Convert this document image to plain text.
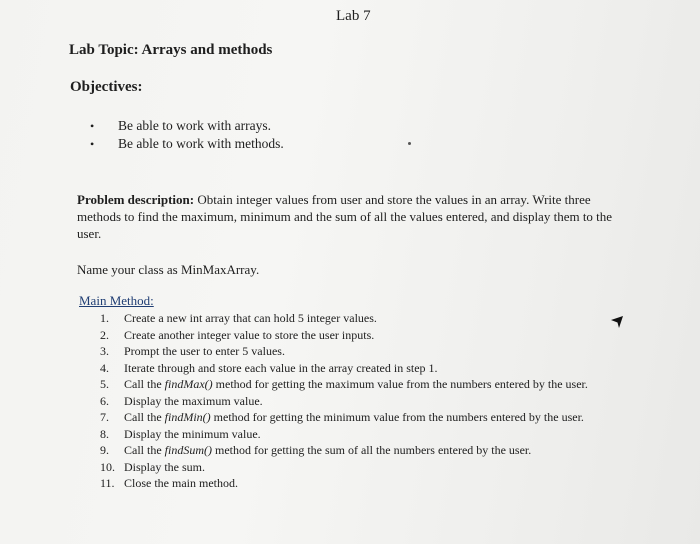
Lab 7
Lab Topic: Arrays and methods
Objectives:
•	Be able to work with arrays.
•	Be able to work with methods.
Problem description: Obtain integer values from user and store the values in an array. Write three methods to find the maximum, minimum and the sum of all the values entered, and display them to the user.
Name your class as MinMaxArray.
Main Method:
1.	Create a new int array that can hold 5 integer values.
2.	Create another integer value to store the user inputs.
3.	Prompt the user to enter 5 values.
4.	Iterate through and store each value in the array created in step 1.
5.	Call the findMax() method for getting the maximum value from the numbers entered by the user.
6.	Display the maximum value.
7.	Call the findMin() method for getting the minimum value from the numbers entered by the user.
8.	Display the minimum value.
9.	Call the findSum() method for getting the sum of all the numbers entered by the user.
10. Display the sum.
11. Close the main method.
